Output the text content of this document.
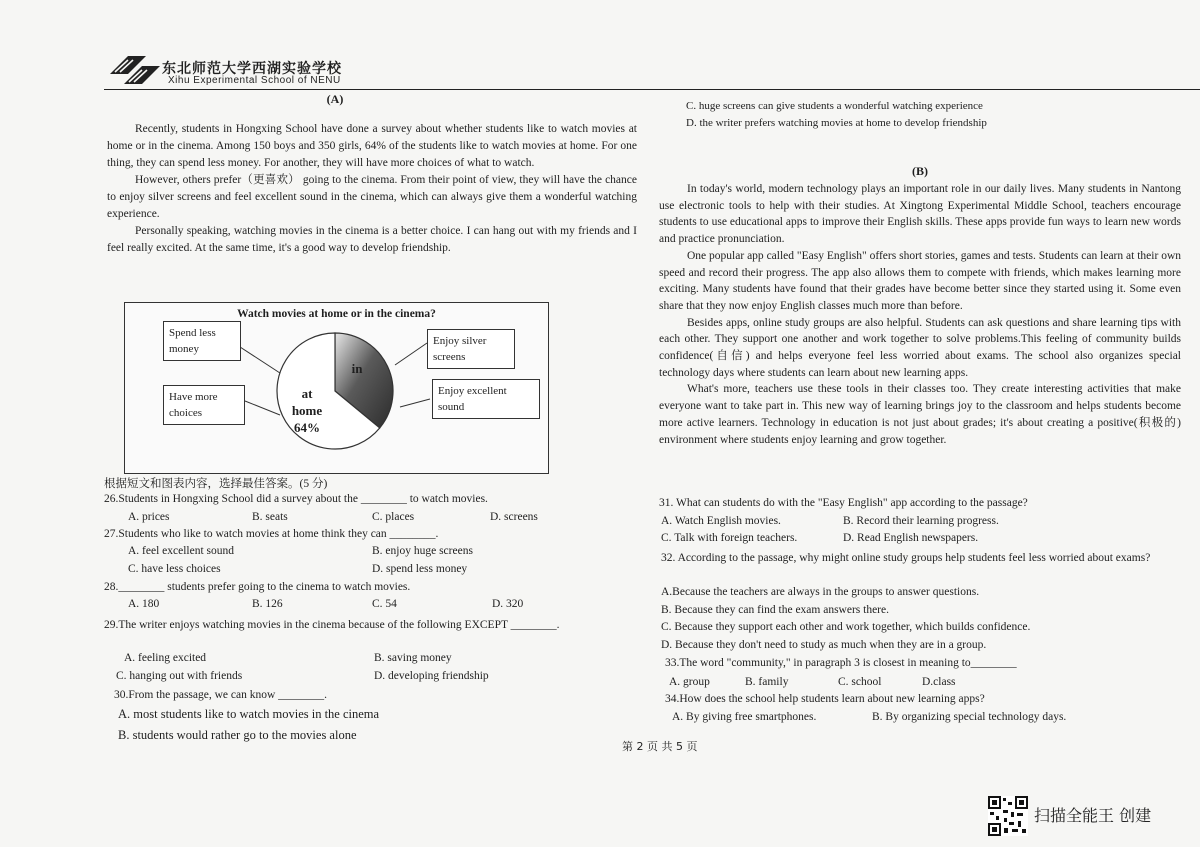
东北师范大学西湖实验学校
Xihu Experimental School of NENU
(A)

Recently, students in Hongxing School have done a survey about whether students like to watch movies at home or in the cinema. Among 150 boys and 350 girls, 64% of the students like to watch movies at home. For one thing, they can spend less money. For another, they will have more choices of what to watch.

However, others prefer（更喜欢） going to the cinema. From their point of view, they will have the chance to enjoy silver screens and feel excellent sound in the cinema, which can always give them a wonderful watching experience.

Personally speaking, watching movies in the cinema is a better choice. I can hang out with my friends and I feel really excited. At the same time, it's a good way to develop friendship.

Watch movies at home or in the cinema?
Spend less money
Have more choices
Enjoy silver screens
Enjoy excellent sound
at
home
64%
in
根据短文和图表内容，选择最佳答案。(5 分)
26.Students in Hongxing School did a survey about the ________ to watch movies.
A. prices	B. seats	C. places	D. screens
27.Students who like to watch movies at home think they can ________.
A. feel excellent sound	B. enjoy huge screens
C. have less choices	D. spend less money
28.________ students prefer going to the cinema to watch movies.
A. 180	B. 126	C. 54	D. 320
29.The writer enjoys watching movies in the cinema because of the following EXCEPT ________.
A. feeling excited	B. saving money
C. hanging out with friends	D. developing friendship
30.From the passage, we can know ________.
A. most students like to watch movies in the cinema
B. students would rather go to the movies alone
C. huge screens can give students a wonderful watching experience
D. the writer prefers watching movies at home to develop friendship
(B)

In today's world, modern technology plays an important role in our daily lives. Many students in Nantong use electronic tools to help with their studies. At Xingtong Experimental Middle School, teachers encourage students to use educational apps to improve their English skills. These apps provide fun ways to learn new words and practice pronunciation.

One popular app called "Easy English" offers short stories, games and tests. Students can learn at their own speed and record their progress. The app also allows them to compete with friends, which makes learning more exciting. Many students have found that their grades have become better since they started using it. Some even share that they now enjoy English classes much more than before.

Besides apps, online study groups are also helpful. Students can ask questions and share learning tips with each other. They support one another and work together to solve problems.This feeling of community builds confidence(自信) and helps everyone feel less worried about exams. The school also organizes special technology days where students can learn about new learning apps.

What's more, teachers use these tools in their classes too. They create interesting activities that make everyone want to take part in. This new way of learning brings joy to the classroom and helps students become more active learners. Technology in education is not just about grades; it's about creating a positive(积极的) environment where students enjoy learning and grow together.

31. What can students do with the "Easy English" app according to the passage?
A. Watch English movies.	B. Record their learning progress.
C. Talk with foreign teachers.	D. Read English newspapers.
32. According to the passage, why might online study groups help students feel less worried about exams?
A.Because the teachers are always in the groups to answer questions.
B. Because they can find the exam answers there.
C. Because they support each other and work together, which builds confidence.
D. Because they don't need to study as much when they are in a group.
33.The word "community," in paragraph 3 is closest in meaning to________
A. group	B. family	C. school	D.class
34.How does the school help students learn about new learning apps?
A. By giving free smartphones.	B. By organizing special technology days.
第 2 页 共 5 页
扫描全能王 创建
